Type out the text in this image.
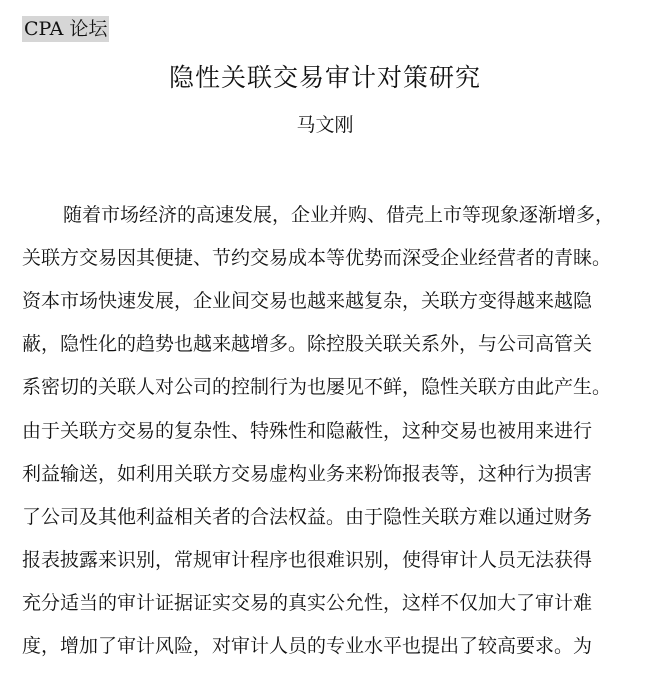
CPA 论坛
隐性关联交易审计对策研究
马文刚
随着市场经济的高速发展，企业并购、借壳上市等现象逐渐增多，
关联方交易因其便捷、节约交易成本等优势而深受企业经营者的青睐。
资本市场快速发展，企业间交易也越来越复杂，关联方变得越来越隐
蔽，隐性化的趋势也越来越增多。除控股关联关系外，与公司高管关
系密切的关联人对公司的控制行为也屡见不鲜，隐性关联方由此产生。
由于关联方交易的复杂性、特殊性和隐蔽性，这种交易也被用来进行
利益输送，如利用关联方交易虚构业务来粉饰报表等，这种行为损害
了公司及其他利益相关者的合法权益。由于隐性关联方难以通过财务
报表披露来识别，常规审计程序也很难识别，使得审计人员无法获得
充分适当的审计证据证实交易的真实公允性，这样不仅加大了审计难
度，增加了审计风险，对审计人员的专业水平也提出了较高要求。为
